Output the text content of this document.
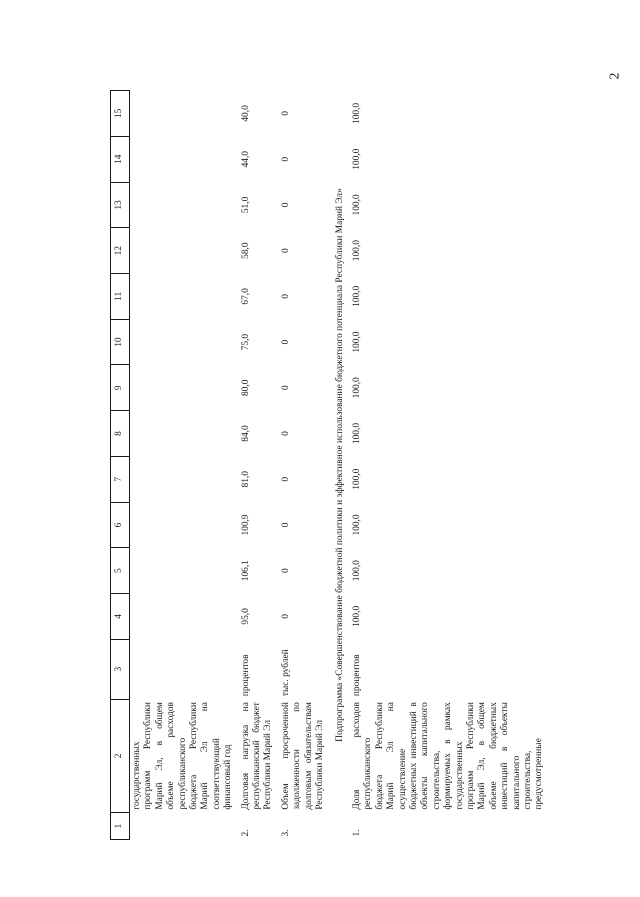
2
1	2	3	4	5	6	7	8	9	10	11	12	13	14	15
	государственных программ Республики Марий Эл, в общем объеме расходов республиканского бюджета Республики Марий Эл на соответствующий финансовый год													
2.	Долговая нагрузка на республиканский бюджет Республики Марий Эл	процентов	95,0	106,1	100,9	81,0	84,0	80,0	75,0	67,0	58,0	51,0	44,0	40,0
3.	Объем просроченной задолженности по долговым обязательствам Республики Марий Эл	тыс. рублей	0	0	0	0	0	0	0	0	0	0	0	0
Подпрограмма «Совершенствование бюджетной политики и эффективное использование бюджетного потенциала Республики Марий Эл»														
1.	Доля расходов республиканского бюджета Республики Марий Эл на осуществление бюджетных инвестиций в объекты капитального строительства, формируемых в рамках государственных программ Республики Марий Эл, в общем объеме бюджетных инвестиций в объекты капитального строительства, предусмотренные	процентов	100,0	100,0	100,0	100,0	100,0	100,0	100,0	100,0	100,0	100,0	100,0	100,0
